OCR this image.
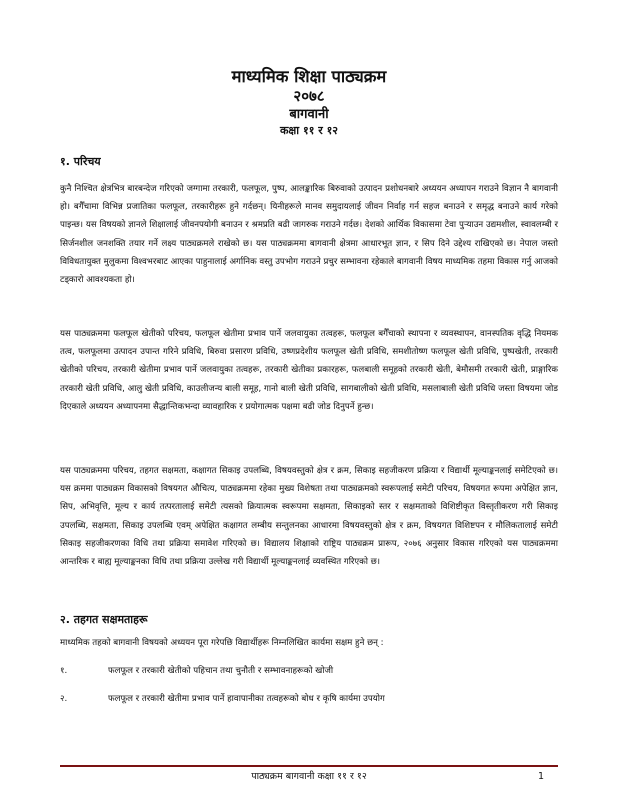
माध्यमिक शिक्षा पाठ्यक्रम
२०७८
बागवानी
कक्षा ११ र १२
१. परिचय
कुनै निश्चित क्षेत्रभित्र बारबन्देज गरिएको जग्गामा तरकारी, फलफूल, पुष्प, आलङ्कारिक बिरुवाको उत्पादन प्रशोधनबारे अध्ययन अध्यापन गराउने विज्ञान नै बागवानी हो। बगैँचामा विभिन्न प्रजातिका फलफूल, तरकारीहरू हुने गर्दछन्। यिनीहरूले मानव समुदायलाई जीवन निर्वाह गर्न सहज बनाउने र समृद्ध बनाउने कार्य गरेको पाइन्छ। यस विषयको ज्ञानले शिक्षालाई जीवनपयोगी बनाउन र श्रमप्रति बढी जागरुक गराउने गर्दछ। देशको आर्थिक विकासमा टेवा पुऱ्याउन उद्यमशील, स्वावलम्बी र सिर्जनशील जनशक्ति तयार गर्ने लक्ष्य पाठ्यक्रमले राखेको छ। यस पाठ्यक्रममा बागवानी क्षेत्रमा आधारभूत ज्ञान, र सिप दिने उद्देश्य राखिएको छ। नेपाल जस्तो विविधतायुक्त मुलुकमा विश्वभरबाट आएका पाहुनालाई अर्गानिक वस्तु उपभोग गराउने प्रचुर सम्भावना रहेकाले बागवानी विषय माध्यमिक तहमा विकास गर्नु आजको टड्कारो आवश्यकता हो।
यस पाठ्यक्रममा फलफूल खेतीको परिचय, फलफूल खेतीमा प्रभाव पार्ने जलवायुका तत्वहरू, फलफूल बगैँचाको स्थापना र व्यवस्थापन, वानस्पतिक वृद्धि नियमक तत्व, फलफूलमा उत्पादन उपान्त गरिने प्रविधि, बिरुवा प्रसारण प्रविधि, उष्णप्रदेशीय फलफूल खेती प्रविधि, समशीतोष्ण फलफूल खेती प्रविधि, पुष्पखेती, तरकारी खेतीको परिचय, तरकारी खेतीमा प्रभाव पार्ने जलवायुका तत्वहरू, तरकारी खेतीका प्रकारहरू, फलबाली समूहको तरकारी खेती, बेमौसमी तरकारी खेती, प्राङ्गारिक तरकारी खेती प्रविधि, आलु खेती प्रविधि, काउलीजन्य बाली समूह, गानो बाली खेती प्रविधि, सागबालीको खेती प्रविधि, मसलाबाली खेती प्रविधि जस्ता विषयमा जोड दिएकाले अध्ययन अध्यापनमा सैद्धान्तिकभन्दा व्यावहारिक र प्रयोगात्मक पक्षमा बढी जोड दिनुपर्ने हुन्छ।
यस पाठ्यक्रममा परिचय, तहगत सक्षमता, कक्षागत सिकाइ उपलब्धि, विषयवस्तुको क्षेत्र र क्रम, सिकाइ सहजीकरण प्रक्रिया र विद्यार्थी मूल्याङ्कनलाई समेटिएको छ। यस क्रममा पाठ्यक्रम विकासको विषयगत औचित्य, पाठ्यक्रममा रहेका मुख्य विशेषता तथा पाठ्यक्रमको स्वरूपलाई समेटी परिचय, विषयगत रूपमा अपेक्षित ज्ञान, सिप, अभिवृत्ति, मूल्य र कार्य तत्परतालाई समेटी त्यसको क्रियात्मक स्वरूपमा सक्षमता, सिकाइको स्तर र सक्षमताको विशिष्टीकृत विस्तृतीकरण गरी सिकाइ उपलब्धि, सक्षमता, सिकाइ उपलब्धि एवम् अपेक्षित कक्षागत लम्बीय सन्तुलनका आधारमा विषयवस्तुको क्षेत्र र क्रम, विषयगत विशिष्टपन र मौलिकतालाई समेटी सिकाइ सहजीकरणका विधि तथा प्रक्रिया समावेश गरिएको छ। विद्यालय शिक्षाको राष्ट्रिय पाठ्यक्रम प्रारूप, २०७६ अनुसार विकास गरिएको यस पाठ्यक्रममा आन्तरिक र बाह्य मूल्याङ्कनका विधि तथा प्रक्रिया उल्लेख गरी विद्यार्थी मूल्याङ्कनलाई व्यवस्थित गरिएको छ।
२. तहगत सक्षमताहरू
माध्यमिक तहको बागवानी विषयको अध्ययन पूरा गरेपछि विद्यार्थीहरू निम्नलिखित कार्यमा सक्षम हुने छन् :
१.	फलफूल र तरकारी खेतीको पहिचान तथा चुनौती र सम्भावनाहरूको खोजी
२.	फलफूल र तरकारी खेतीमा प्रभाव पार्ने हावापानीका तत्वहरूको बोध र कृषि कार्यमा उपयोग
पाठ्यक्रम बागवानी कक्षा ११ र १२	1
